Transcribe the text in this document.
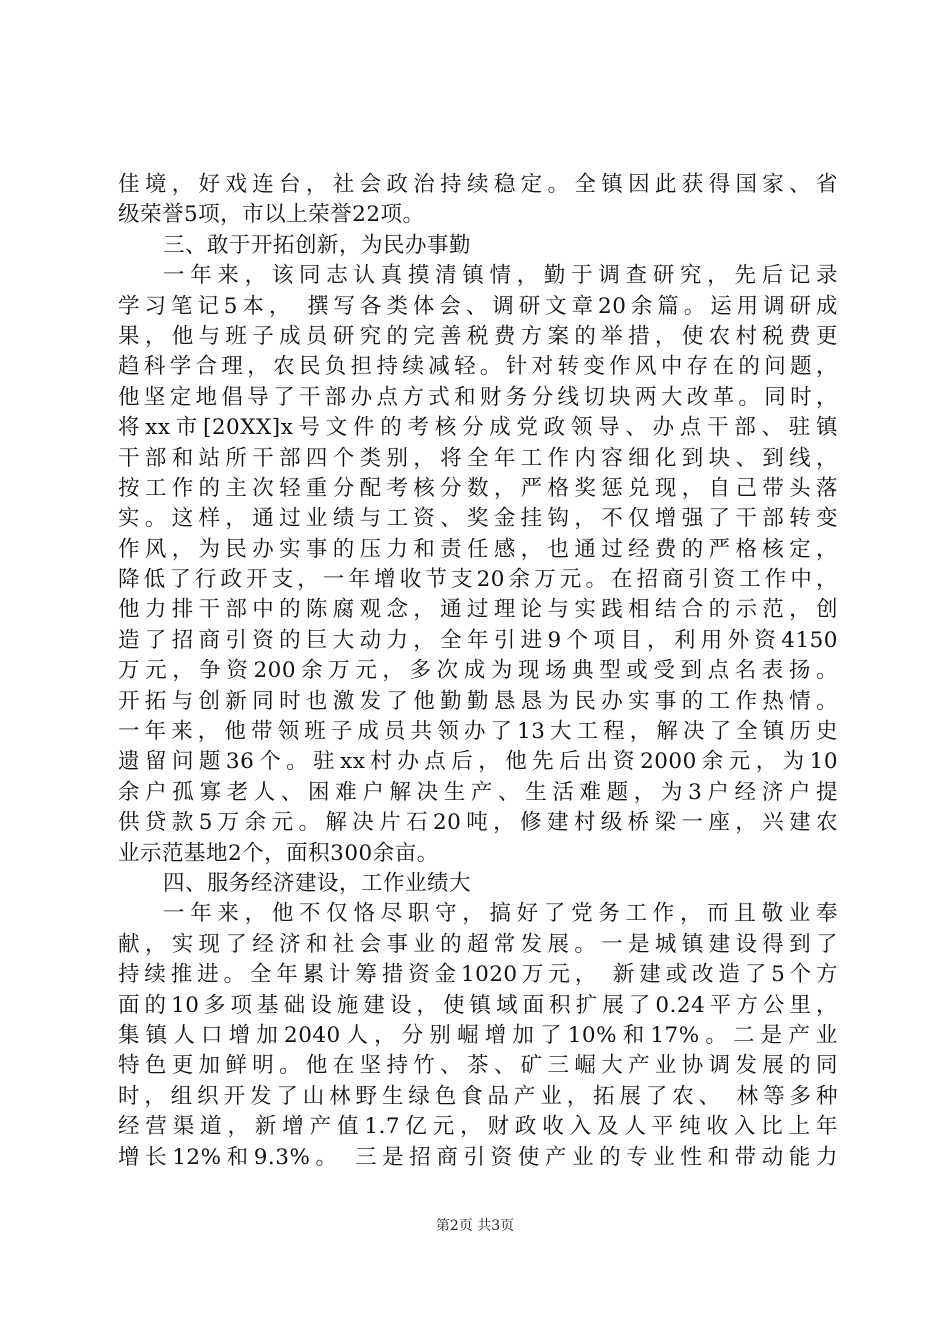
佳境，好戏连台，社会政治持续稳定。全镇因此获得国家、省
级荣誉5项，市以上荣誉22项。
三、敢于开拓创新，为民办事勤
一年来，该同志认真摸清镇情，勤于调查研究，先后记录
学习笔记5本， 撰写各类体会、调研文章20余篇。运用调研成
果，他与班子成员研究的完善税费方案的举措，使农村税费更
趋科学合理，农民负担持续减轻。针对转变作风中存在的问题，
他坚定地倡导了干部办点方式和财务分线切块两大改革。同时，
将xx市[20XX]x号文件的考核分成党政领导、办点干部、驻镇
干部和站所干部四个类别，将全年工作内容细化到块、到线，
按工作的主次轻重分配考核分数，严格奖惩兑现，自己带头落
实。这样，通过业绩与工资、奖金挂钩，不仅增强了干部转变
作风，为民办实事的压力和责任感，也通过经费的严格核定，
降低了行政开支，一年增收节支20余万元。在招商引资工作中，
他力排干部中的陈腐观念，通过理论与实践相结合的示范，创
造了招商引资的巨大动力，全年引进9个项目，利用外资4150
万元，争资200余万元，多次成为现场典型或受到点名表扬。
开拓与创新同时也激发了他勤勤恳恳为民办实事的工作热情。
一年来，他带领班子成员共领办了13大工程，解决了全镇历史
遗留问题36个。驻xx村办点后，他先后出资2000余元，为10
余户孤寡老人、困难户解决生产、生活难题，为3户经济户提
供贷款5万余元。解决片石20吨，修建村级桥梁一座，兴建农
业示范基地2个，面积300余亩。
四、服务经济建设，工作业绩大
一年来，他不仅恪尽职守，搞好了党务工作，而且敬业奉
献，实现了经济和社会事业的超常发展。一是城镇建设得到了
持续推进。全年累计筹措资金1020万元， 新建或改造了5个方
面的10多项基础设施建设，使镇域面积扩展了0.24平方公里，
集镇人口增加2040人，分别崛增加了10%和17%。二是产业
特色更加鲜明。他在坚持竹、茶、矿三崛大产业协调发展的同
时，组织开发了山林野生绿色食品产业，拓展了农、 林等多种
经营渠道，新增产值1.7亿元，财政收入及人平纯收入比上年
增长12%和9.3%。 三是招商引资使产业的专业性和带动能力
第2页 共3页
